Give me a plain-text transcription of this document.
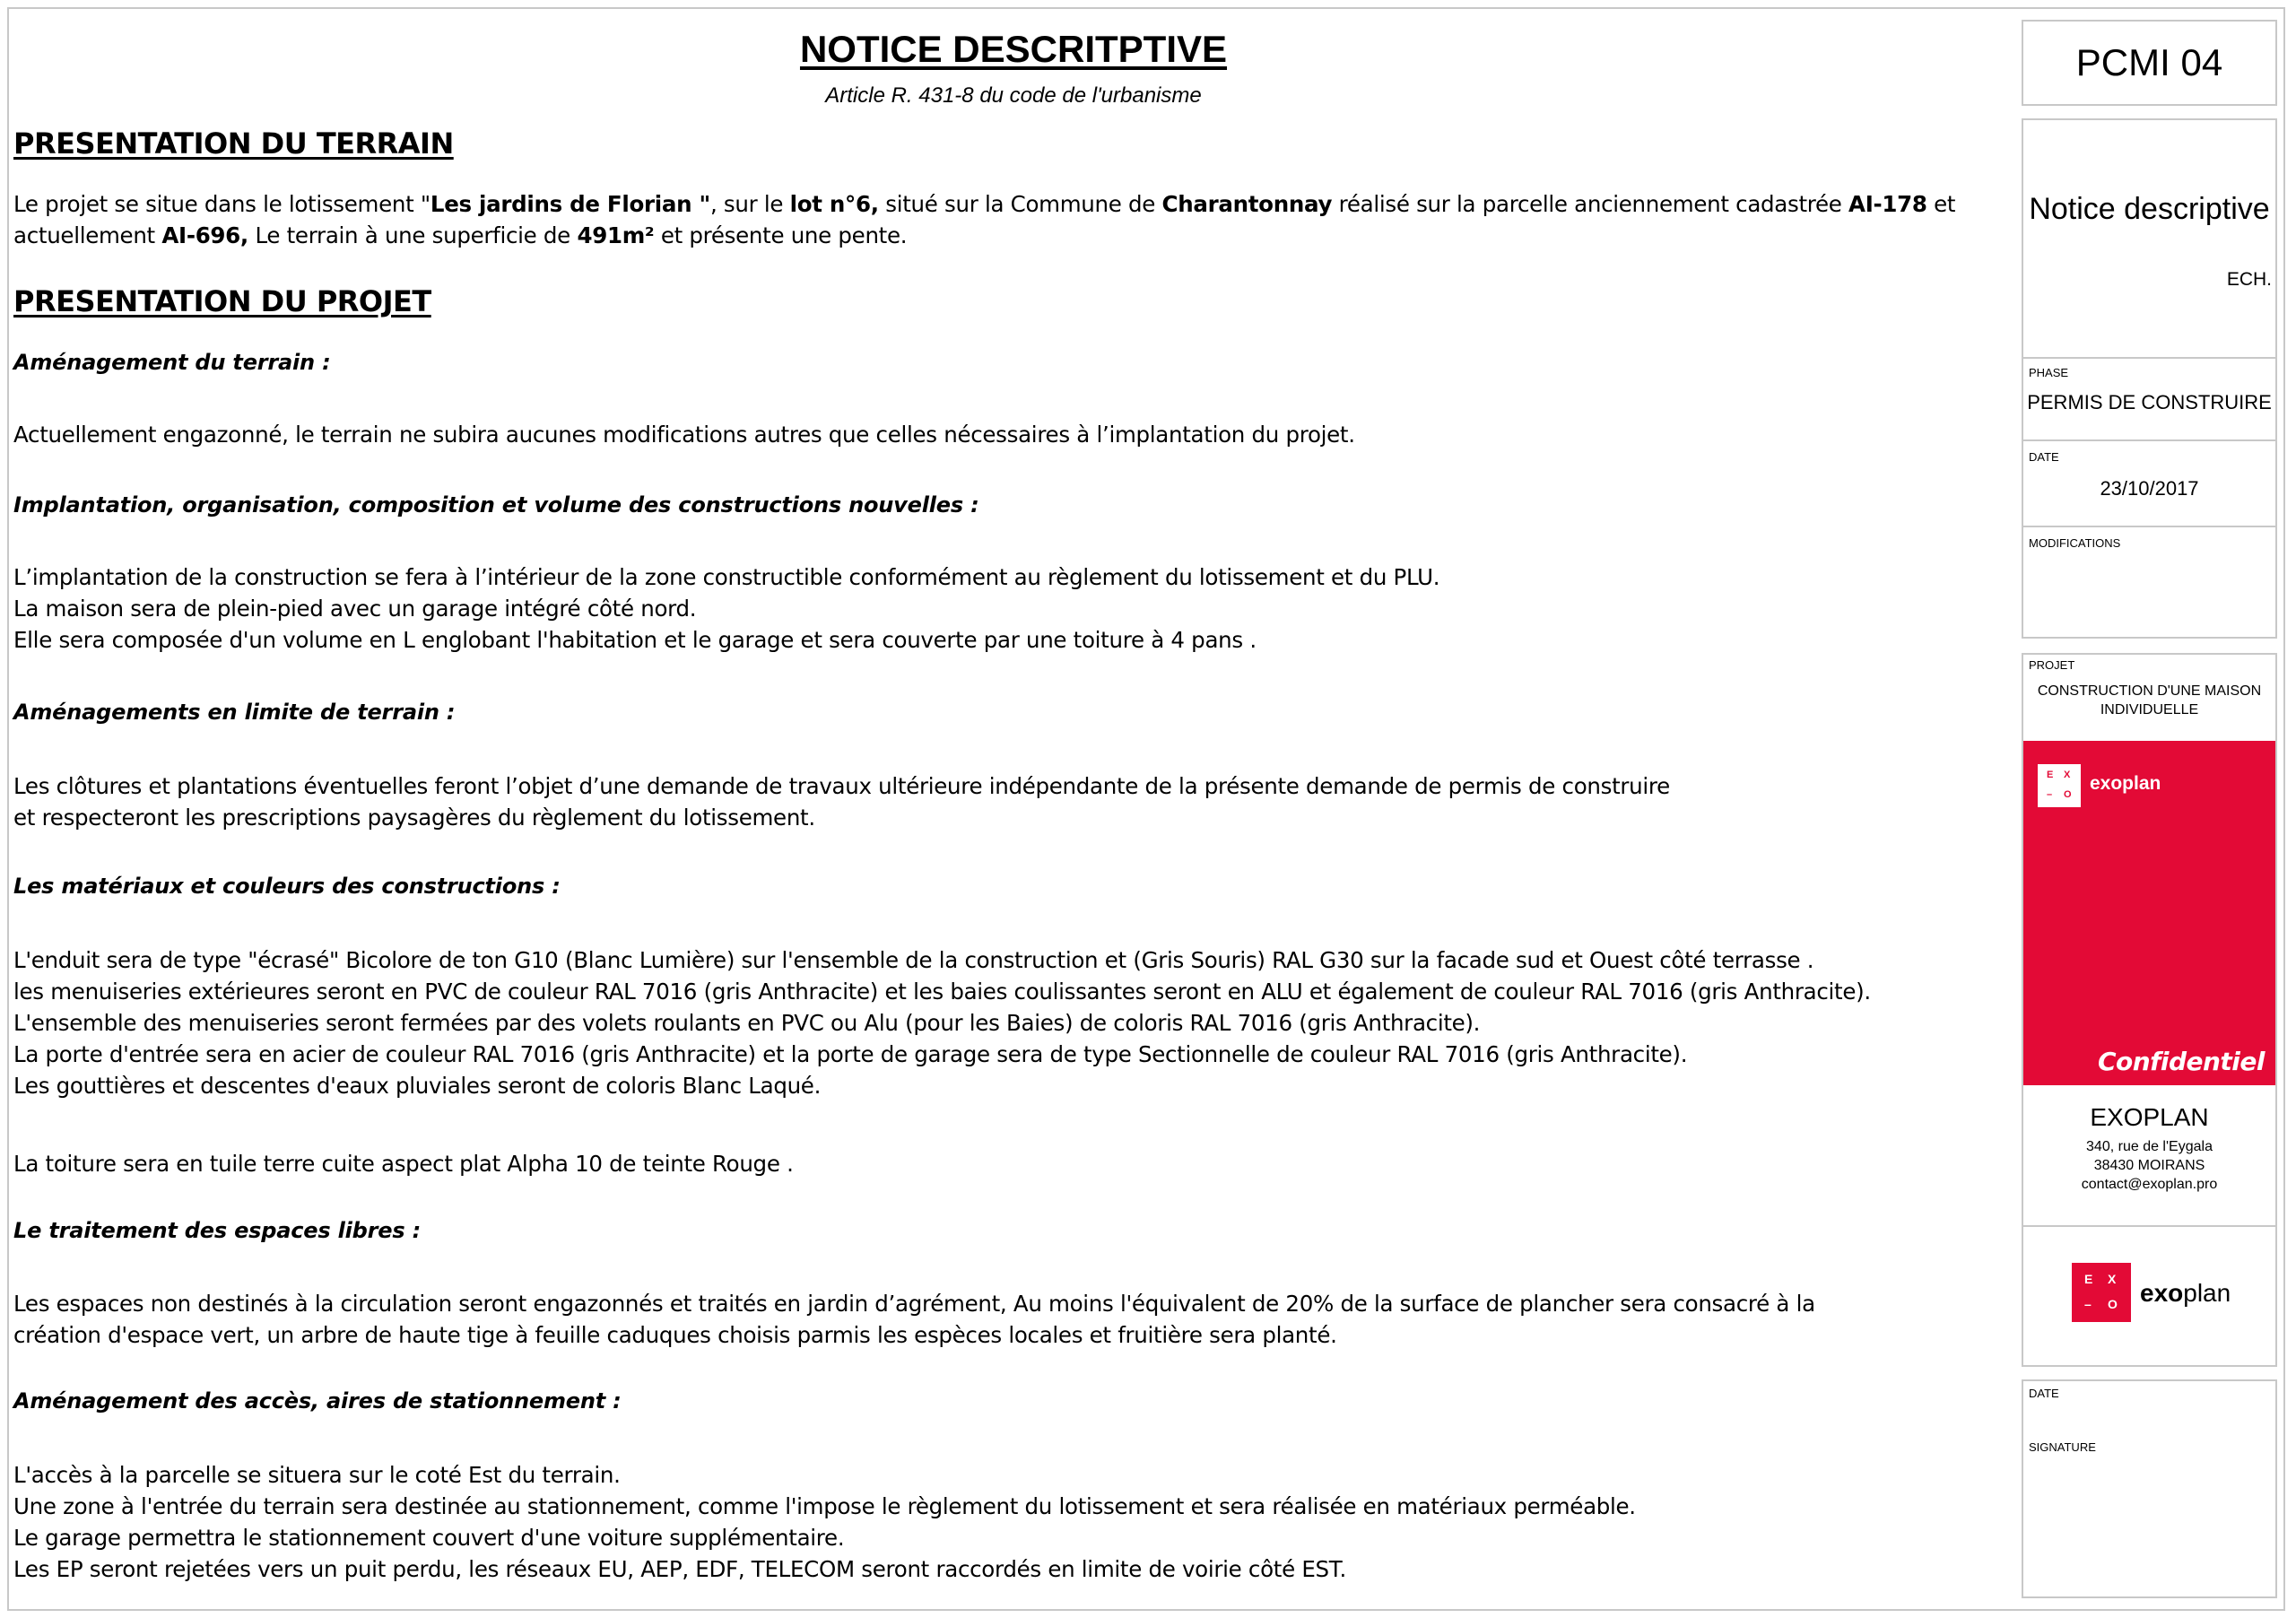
NOTICE DESCRITPTIVE
Article R. 431-8 du code de l'urbanisme
PRESENTATION DU TERRAIN
Le projet se situe dans le lotissement "Les jardins de Florian ", sur le lot n°6, situé sur la Commune de Charantonnay réalisé sur la parcelle anciennement cadastrée AI-178 et
actuellement AI-696, Le terrain à une superficie de 491m² et présente une pente.
PRESENTATION DU PROJET
Aménagement du terrain :
Actuellement engazonné, le terrain ne subira aucunes modifications autres que celles nécessaires à l’implantation du projet.
Implantation, organisation, composition et volume des constructions nouvelles :
L’implantation de la construction se fera à l’intérieur de la zone constructible conformément au règlement du lotissement et du PLU.
La maison sera de plein-pied avec un garage intégré côté nord.
Elle sera composée d'un volume en L englobant l'habitation et le garage et sera couverte par une toiture à 4 pans .
Aménagements en limite de terrain :
Les clôtures et plantations éventuelles feront l’objet d’une demande de travaux ultérieure indépendante de la présente demande de permis de construire
et respecteront les prescriptions paysagères du règlement du lotissement.
Les matériaux et couleurs des constructions :
L'enduit sera de type "écrasé" Bicolore de ton G10 (Blanc Lumière) sur l'ensemble de la construction et (Gris Souris) RAL G30 sur la facade sud et Ouest côté terrasse .
les menuiseries extérieures seront en PVC de couleur RAL 7016 (gris Anthracite) et les baies coulissantes seront en ALU et également de couleur RAL 7016 (gris Anthracite).
L'ensemble des menuiseries seront fermées par des volets roulants en PVC ou Alu (pour les Baies) de coloris RAL 7016 (gris Anthracite).
La porte d'entrée sera en acier de couleur RAL 7016 (gris Anthracite) et la porte de garage sera de type Sectionnelle de couleur RAL 7016 (gris Anthracite).
Les gouttières et descentes d'eaux pluviales seront de coloris Blanc Laqué.
La toiture sera en tuile terre cuite aspect plat Alpha 10 de teinte Rouge .
Le traitement des espaces libres :
Les espaces non destinés à la circulation seront engazonnés et traités en jardin d’agrément, Au moins l'équivalent de 20% de la surface de plancher sera consacré à la
création d'espace vert, un arbre de haute tige à feuille caduques choisis parmis les espèces locales et fruitière sera planté.
Aménagement des accès, aires de stationnement :
L'accès à la parcelle se situera sur le coté Est du terrain.
Une zone à l'entrée du terrain sera destinée au stationnement, comme l'impose le règlement du lotissement et sera réalisée en matériaux perméable.
Le garage permettra le stationnement couvert d'une voiture supplémentaire.
Les EP seront rejetées vers un puit perdu, les réseaux EU, AEP, EDF, TELECOM seront raccordés en limite de voirie côté EST.
PCMI 04
Notice descriptive
ECH.
PHASE
PERMIS DE CONSTRUIRE
DATE
23/10/2017
MODIFICATIONS
PROJET
CONSTRUCTION D'UNE MAISON
INDIVIDUELLE
E X
– O
exoplan
Confidentiel
EXOPLAN
340, rue de l'Eygala
38430 MOIRANS
contact@exoplan.pro
E X
– O exoplan
DATE
SIGNATURE
